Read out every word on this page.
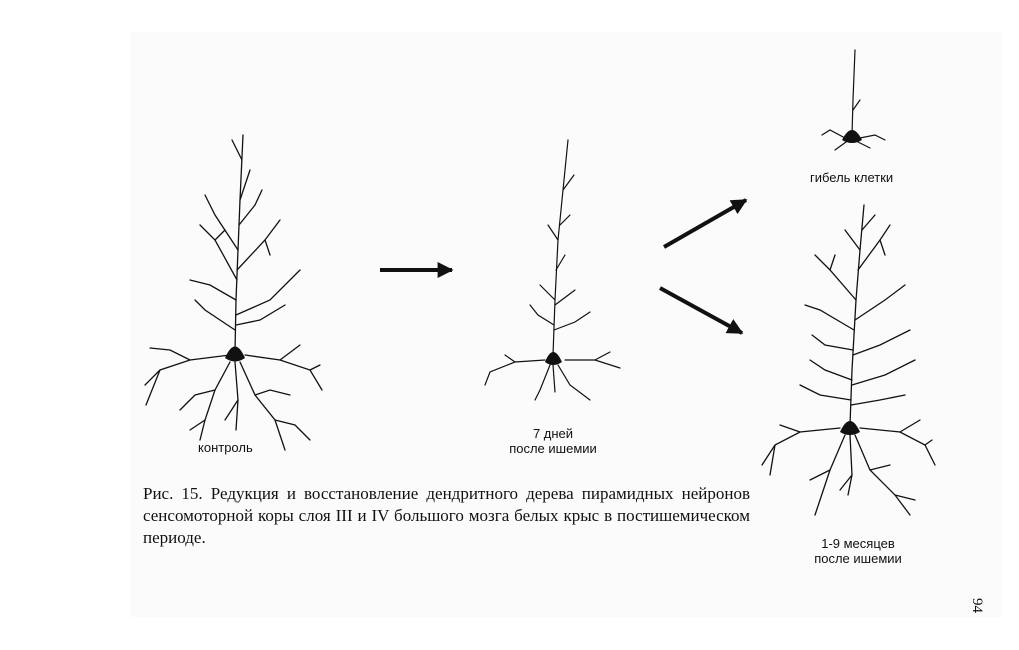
контроль
7 дней
после ишемии
гибель клетки
1-9 месяцев
после ишемии
Рис. 15. Редукция и восстановление дендритного дерева пирамидных нейронов сенсомоторной коры слоя III и IV большого мозга белых крыс в постишемическом периоде.
94
